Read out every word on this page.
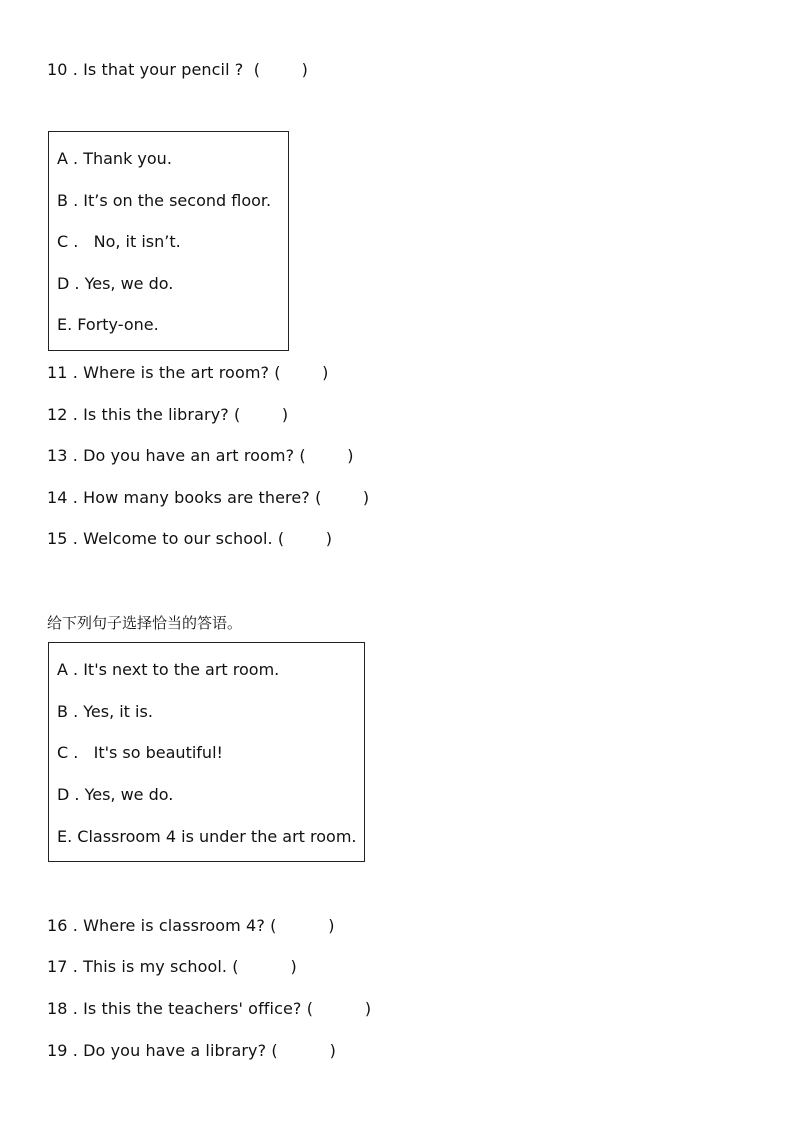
10 . Is that your pencil ?  (        )
A . Thank you.
B . It’s on the second floor.
C .   No, it isn’t.
D . Yes, we do.
E. Forty-one.
11 . Where is the art room? (        )
12 . Is this the library? (        )
13 . Do you have an art room? (        )
14 . How many books are there? (        )
15 . Welcome to our school. (        )
给下列句子选择恰当的答语。
A . It's next to the art room.
B . Yes, it is.
C .   It's so beautiful!
D . Yes, we do.
E. Classroom 4 is under the art room.
16 . Where is classroom 4? (          )
17 . This is my school. (          )
18 . Is this the teachers' office? (          )
19 . Do you have a library? (          )
